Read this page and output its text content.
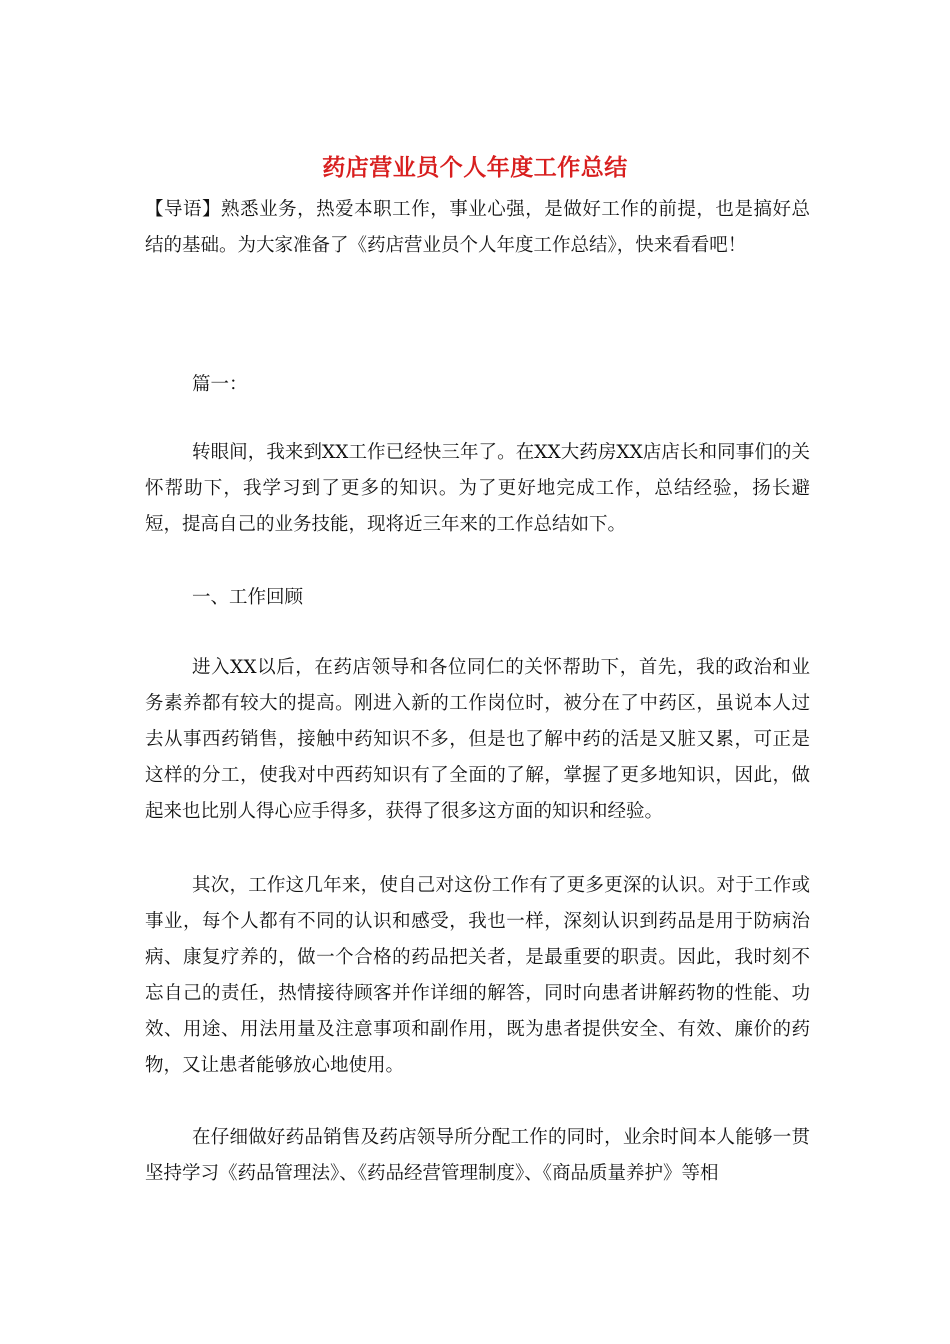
药店营业员个人年度工作总结

【导语】熟悉业务，热爱本职工作，事业心强，是做好工作的前提，也是搞好总结的基础。为大家准备了《药店营业员个人年度工作总结》，快来看看吧！

篇一：

转眼间，我来到XX工作已经快三年了。在XX大药房XX店店长和同事们的关怀帮助下，我学习到了更多的知识。为了更好地完成工作，总结经验，扬长避短，提高自己的业务技能，现将近三年来的工作总结如下。

一、工作回顾

进入XX以后，在药店领导和各位同仁的关怀帮助下，首先，我的政治和业务素养都有较大的提高。刚进入新的工作岗位时，被分在了中药区，虽说本人过去从事西药销售，接触中药知识不多，但是也了解中药的活是又脏又累，可正是这样的分工，使我对中西药知识有了全面的了解，掌握了更多地知识，因此，做起来也比别人得心应手得多，获得了很多这方面的知识和经验。

其次，工作这几年来，使自己对这份工作有了更多更深的认识。对于工作或事业，每个人都有不同的认识和感受，我也一样，深刻认识到药品是用于防病治病、康复疗养的，做一个合格的药品把关者，是最重要的职责。因此，我时刻不忘自己的责任，热情接待顾客并作详细的解答，同时向患者讲解药物的性能、功效、用途、用法用量及注意事项和副作用，既为患者提供安全、有效、廉价的药物，又让患者能够放心地使用。

在仔细做好药品销售及药店领导所分配工作的同时，业余时间本人能够一贯坚持学习《药品管理法》、《药品经营管理制度》、《商品质量养护》等相
